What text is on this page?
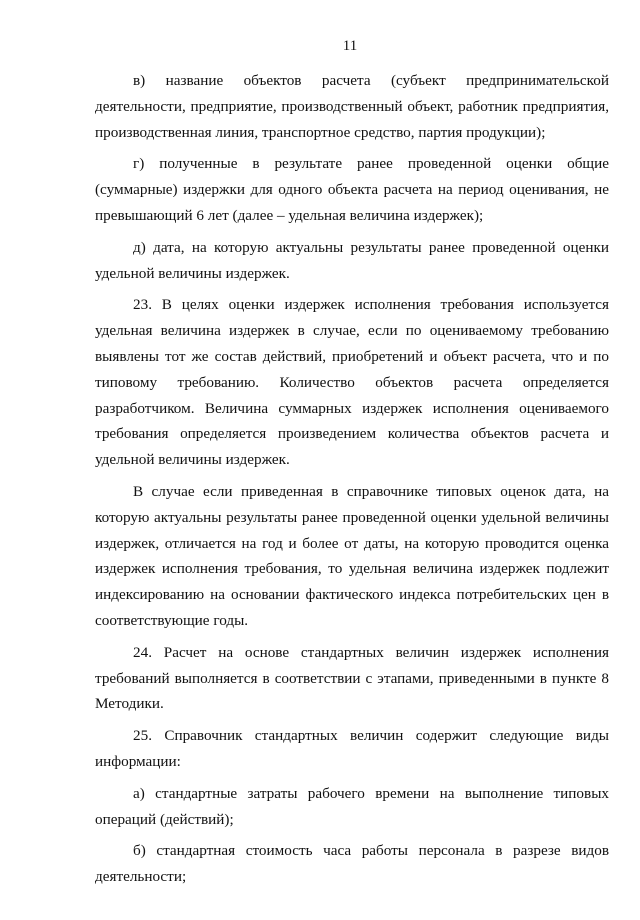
11

в) название объектов расчета (субъект предпринимательской деятельности, предприятие, производственный объект, работник предприятия, производственная линия, транспортное средство, партия продукции);

г) полученные в результате ранее проведенной оценки общие (суммарные) издержки для одного объекта расчета на период оценивания, не превышающий 6 лет (далее – удельная величина издержек);

д) дата, на которую актуальны результаты ранее проведенной оценки удельной величины издержек.

23. В целях оценки издержек исполнения требования используется удельная величина издержек в случае, если по оцениваемому требованию выявлены тот же состав действий, приобретений и объект расчета, что и по типовому требованию. Количество объектов расчета определяется разработчиком. Величина суммарных издержек исполнения оцениваемого требования определяется произведением количества объектов расчета и удельной величины издержек.

В случае если приведенная в справочнике типовых оценок дата, на которую актуальны результаты ранее проведенной оценки удельной величины издержек, отличается на год и более от даты, на которую проводится оценка издержек исполнения требования, то удельная величина издержек подлежит индексированию на основании фактического индекса потребительских цен в соответствующие годы.

24. Расчет на основе стандартных величин издержек исполнения требований выполняется в соответствии с этапами, приведенными в пункте 8 Методики.

25. Справочник стандартных величин содержит следующие виды информации:

а) стандартные затраты рабочего времени на выполнение типовых операций (действий);

б) стандартная стоимость часа работы персонала в разрезе видов деятельности;
